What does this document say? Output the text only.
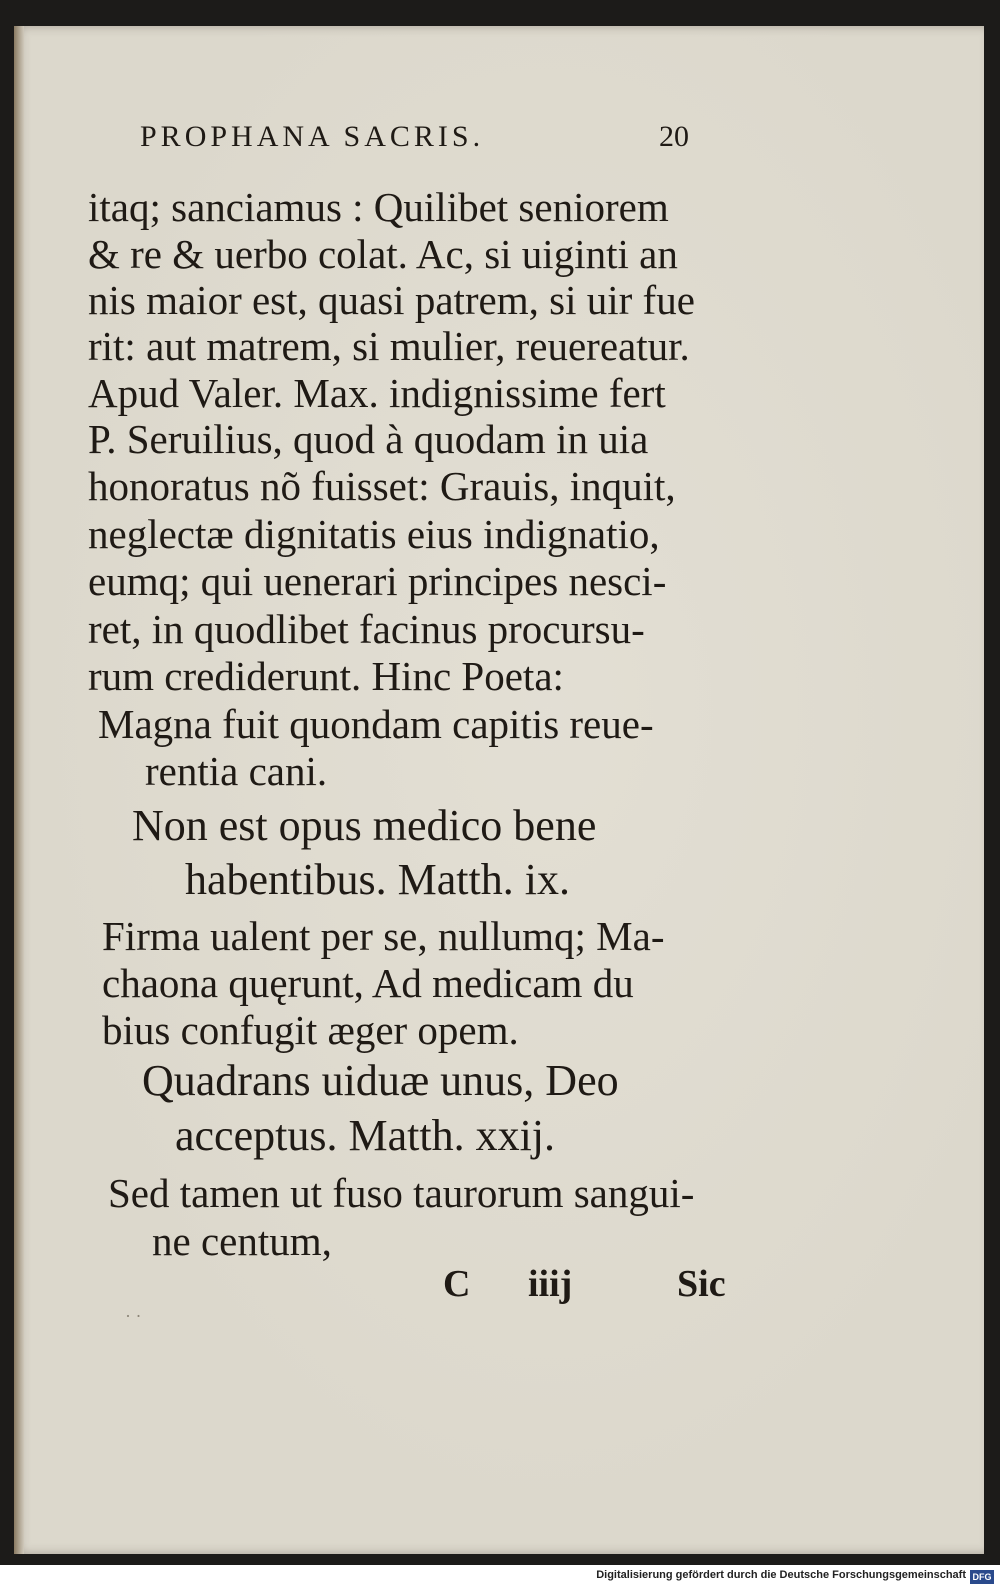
PROPHANA SACRIS.	20
itaq; sanciamus : Quilibet seniorem
& re & uerbo colat. Ac, si uiginti an
nis maior est, quasi patrem, si uir fue
rit: aut matrem, si mulier, reuereatur.
Apud Valer. Max. indignissime fert
P. Seruilius, quod à quodam in uia
honoratus nõ fuisset: Grauis, inquit,
neglectæ dignitatis eius indignatio,
eumq; qui uenerari principes nesci-
ret, in quodlibet facinus procursu-
rum crediderunt. Hinc Poeta:
Magna fuit quondam capitis reue-
rentia cani.
Non est opus medico bene
habentibus. Matth. ix.
Firma ualent per se, nullumq; Ma-
chaona quęrunt, Ad medicam du
bius confugit æger opem.
Quadrans uiduæ unus, Deo
acceptus. Matth. xxij.
Sed tamen ut fuso taurorum sangui-
ne centum,
C iiij	Sic
· ·
Digitalisierung gefördert durch die Deutsche Forschungsgemeinschaft DFG
